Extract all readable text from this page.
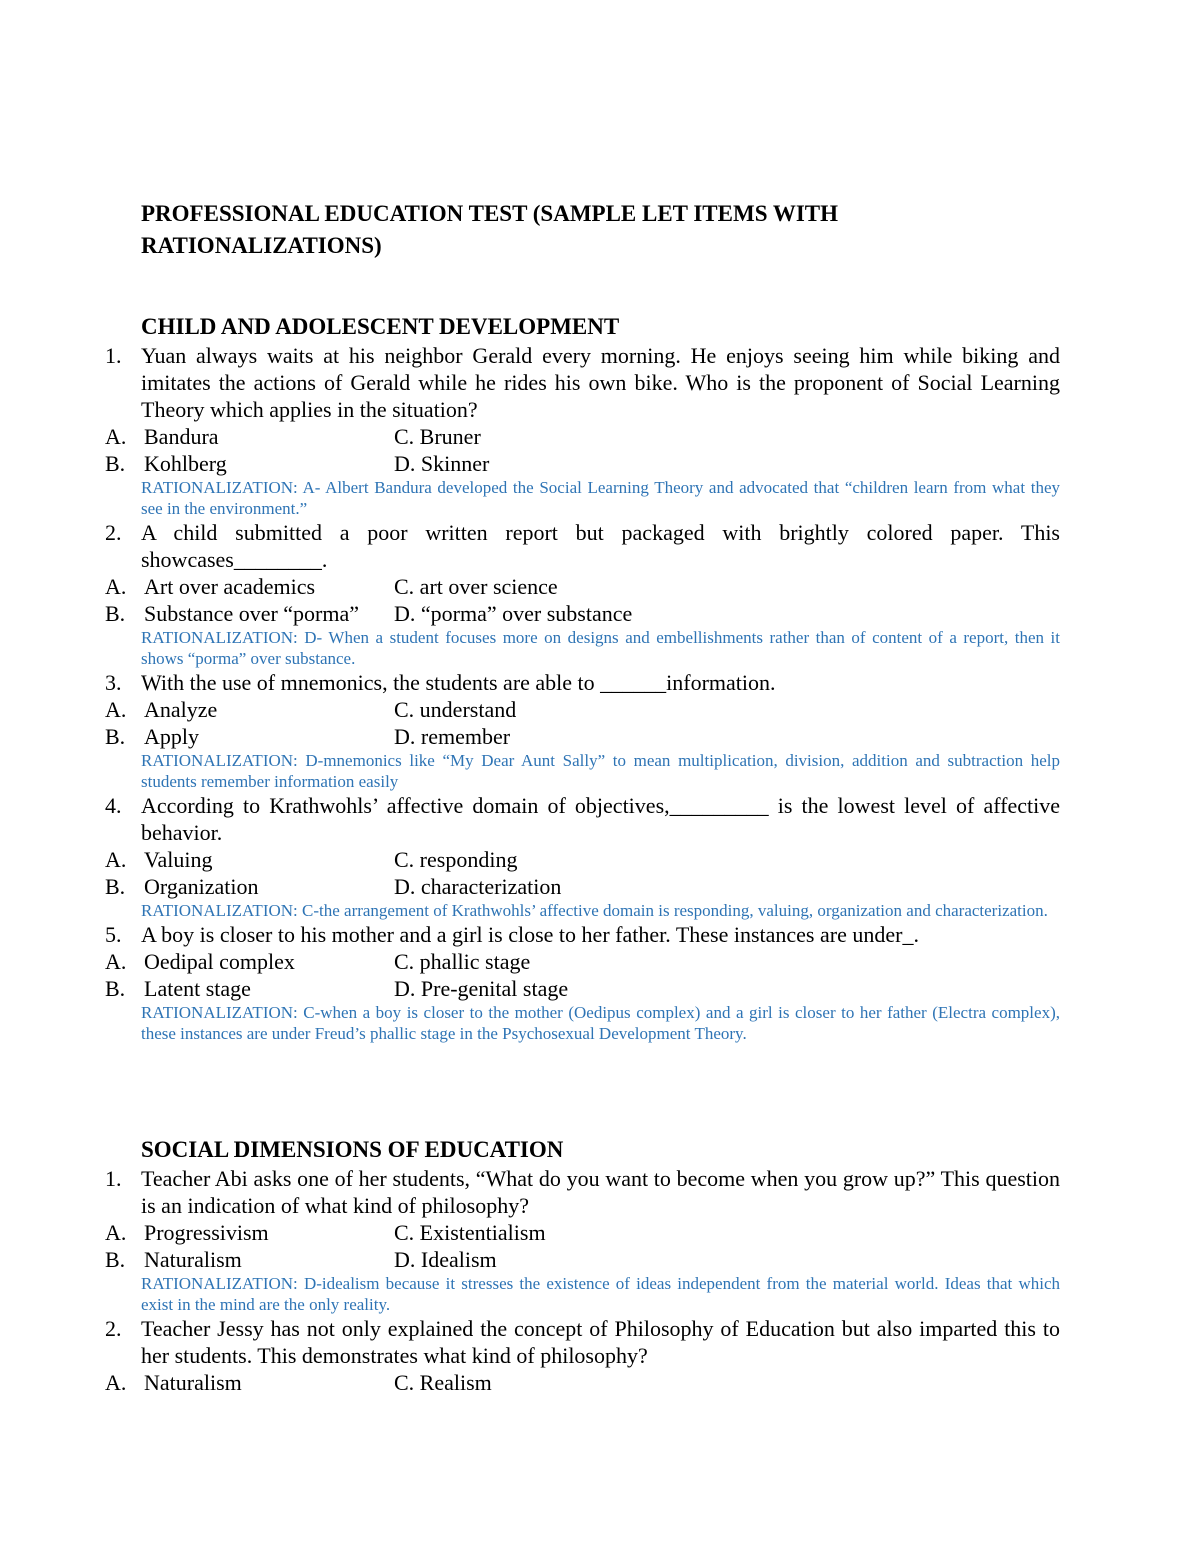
PROFESSIONAL EDUCATION TEST (SAMPLE LET ITEMS WITH RATIONALIZATIONS)
CHILD AND ADOLESCENT DEVELOPMENT
1. Yuan always waits at his neighbor Gerald every morning. He enjoys seeing him while biking and imitates the actions of Gerald while he rides his own bike. Who is the proponent of Social Learning Theory which applies in the situation?
A. Bandura	C. Bruner
B. Kohlberg	D. Skinner
RATIONALIZATION: A- Albert Bandura developed the Social Learning Theory and advocated that “children learn from what they see in the environment.”
2. A child submitted a poor written report but packaged with brightly colored paper. This showcases________.
A. Art over academics	C. art over science
B. Substance over “porma”	D. “porma” over substance
RATIONALIZATION: D- When a student focuses more on designs and embellishments rather than of content of a report, then it shows “porma” over substance.
3. With the use of mnemonics, the students are able to ______information.
A. Analyze	C. understand
B. Apply	D. remember
RATIONALIZATION: D-mnemonics like “My Dear Aunt Sally” to mean multiplication, division, addition and subtraction help students remember information easily
4. According to Krathwohls’ affective domain of objectives,_________ is the lowest level of affective behavior.
A. Valuing	C. responding
B. Organization	D. characterization
RATIONALIZATION: C-the arrangement of Krathwohls’ affective domain is responding, valuing, organization and characterization.
5. A boy is closer to his mother and a girl is close to her father. These instances are under_.
A. Oedipal complex	C. phallic stage
B. Latent stage	D. Pre-genital stage
RATIONALIZATION: C-when a boy is closer to the mother (Oedipus complex) and a girl is closer to her father (Electra complex), these instances are under Freud’s phallic stage in the Psychosexual Development Theory.
SOCIAL DIMENSIONS OF EDUCATION
1. Teacher Abi asks one of her students, “What do you want to become when you grow up?” This question is an indication of what kind of philosophy?
A. Progressivism	C. Existentialism
B. Naturalism	D. Idealism
RATIONALIZATION: D-idealism because it stresses the existence of ideas independent from the material world. Ideas that which exist in the mind are the only reality.
2. Teacher Jessy has not only explained the concept of Philosophy of Education but also imparted this to her students. This demonstrates what kind of philosophy?
A. Naturalism	C. Realism
